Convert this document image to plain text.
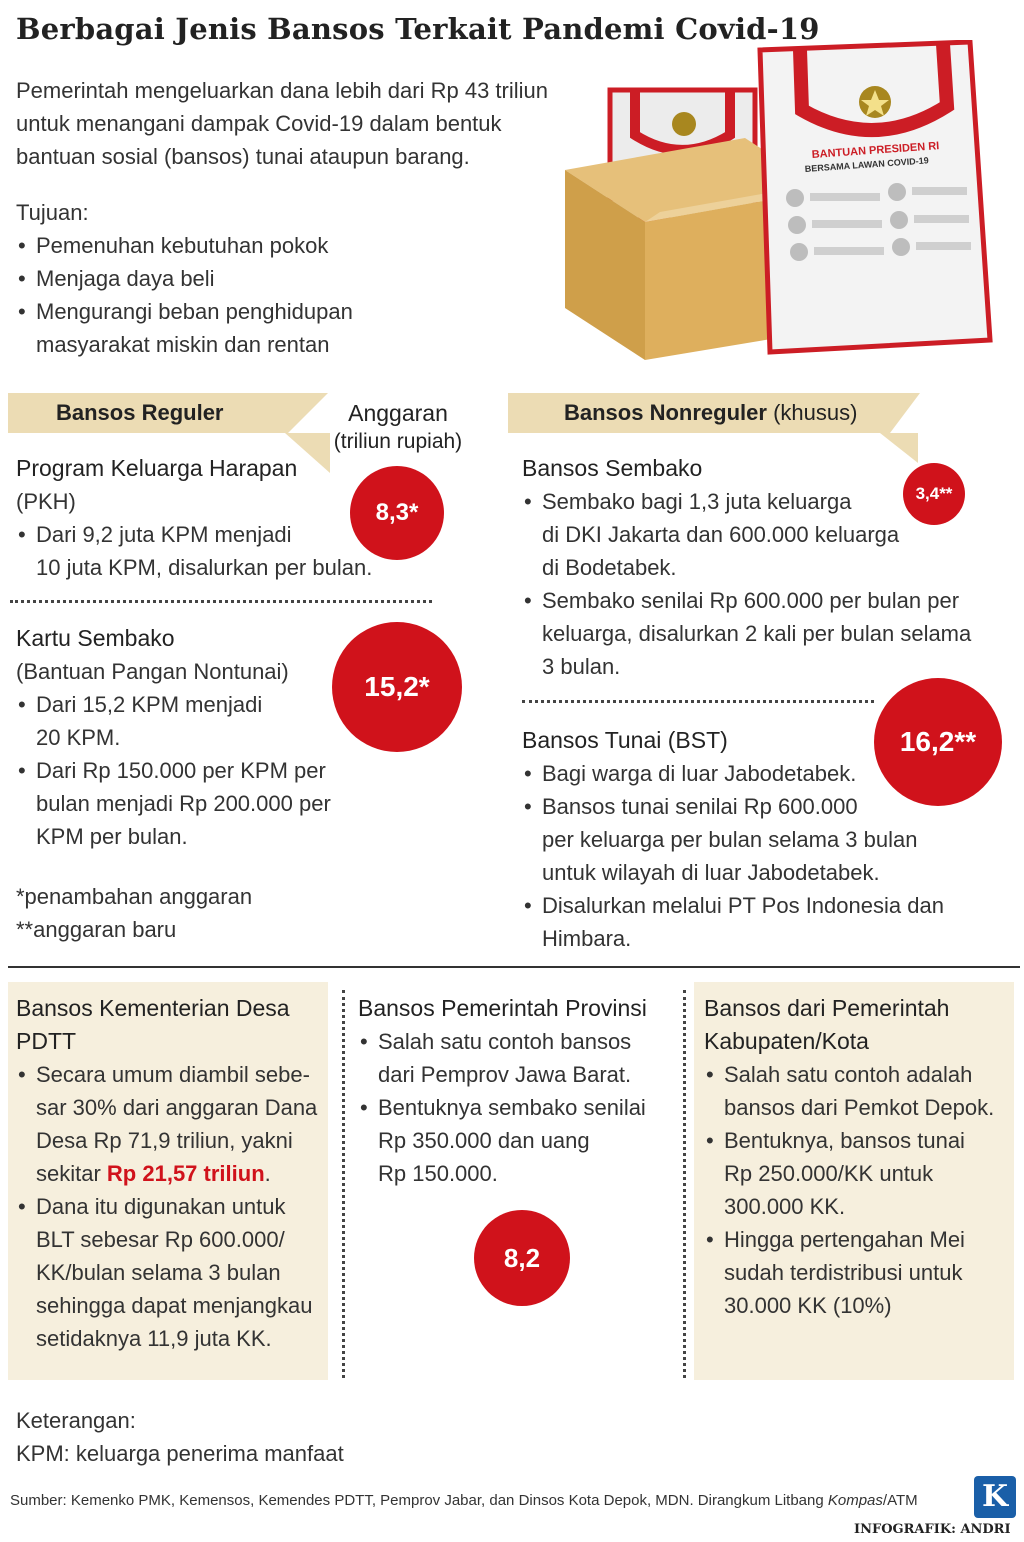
Berbagai Jenis Bansos Terkait Pandemi Covid-19
Pemerintah mengeluarkan dana lebih dari Rp 43 triliun
untuk menangani dampak Covid-19 dalam bentuk
bantuan sosial (bansos) tunai ataupun barang.
Tujuan:
• Pemenuhan kebutuhan pokok
• Menjaga daya beli
• Mengurangi beban penghidupan
masyarakat miskin dan rentan
BANTUAN PRESIDEN RI
BERSAMA LAWAN COVID-19
Bansos Reguler	Anggaran
(triliun rupiah)
Program Keluarga Harapan
(PKH)
• Dari 9,2 juta KPM menjadi
10 juta KPM, disalurkan per bulan.
8,3*
Kartu Sembako
(Bantuan Pangan Nontunai)
• Dari 15,2 KPM menjadi
20 KPM.
• Dari Rp 150.000 per KPM per
bulan menjadi Rp 200.000 per
KPM per bulan.
15,2*
*penambahan anggaran
**anggaran baru
Bansos Nonreguler (khusus)
Bansos Sembako
• Sembako bagi 1,3 juta keluarga
di DKI Jakarta dan 600.000 keluarga
di Bodetabek.
• Sembako senilai Rp 600.000 per bulan per
keluarga, disalurkan 2 kali per bulan selama
3 bulan.
3,4**
Bansos Tunai (BST)
• Bagi warga di luar Jabodetabek.
• Bansos tunai senilai Rp 600.000
per keluarga per bulan selama 3 bulan
untuk wilayah di luar Jabodetabek.
• Disalurkan melalui PT Pos Indonesia dan
Himbara.
16,2**
Bansos Kementerian Desa
PDTT
• Secara umum diambil sebe-
sar 30% dari anggaran Dana
Desa Rp 71,9 triliun, yakni
sekitar Rp 21,57 triliun.
• Dana itu digunakan untuk
BLT sebesar Rp 600.000/
KK/bulan selama 3 bulan
sehingga dapat menjangkau
setidaknya 11,9 juta KK.
Bansos Pemerintah Provinsi
• Salah satu contoh bansos
dari Pemprov Jawa Barat.
• Bentuknya sembako senilai
Rp 350.000 dan uang
Rp 150.000.
8,2
Bansos dari Pemerintah
Kabupaten/Kota
• Salah satu contoh adalah
bansos dari Pemkot Depok.
• Bentuknya, bansos tunai
Rp 250.000/KK untuk
300.000 KK.
• Hingga pertengahan Mei
sudah terdistribusi untuk
30.000 KK (10%)
Keterangan:
KPM: keluarga penerima manfaat
Sumber: Kemenko PMK, Kemensos, Kemendes PDTT, Pemprov Jabar, dan Dinsos Kota Depok, MDN. Dirangkum Litbang Kompas/ATM K
INFOGRAFIK: ANDRI
